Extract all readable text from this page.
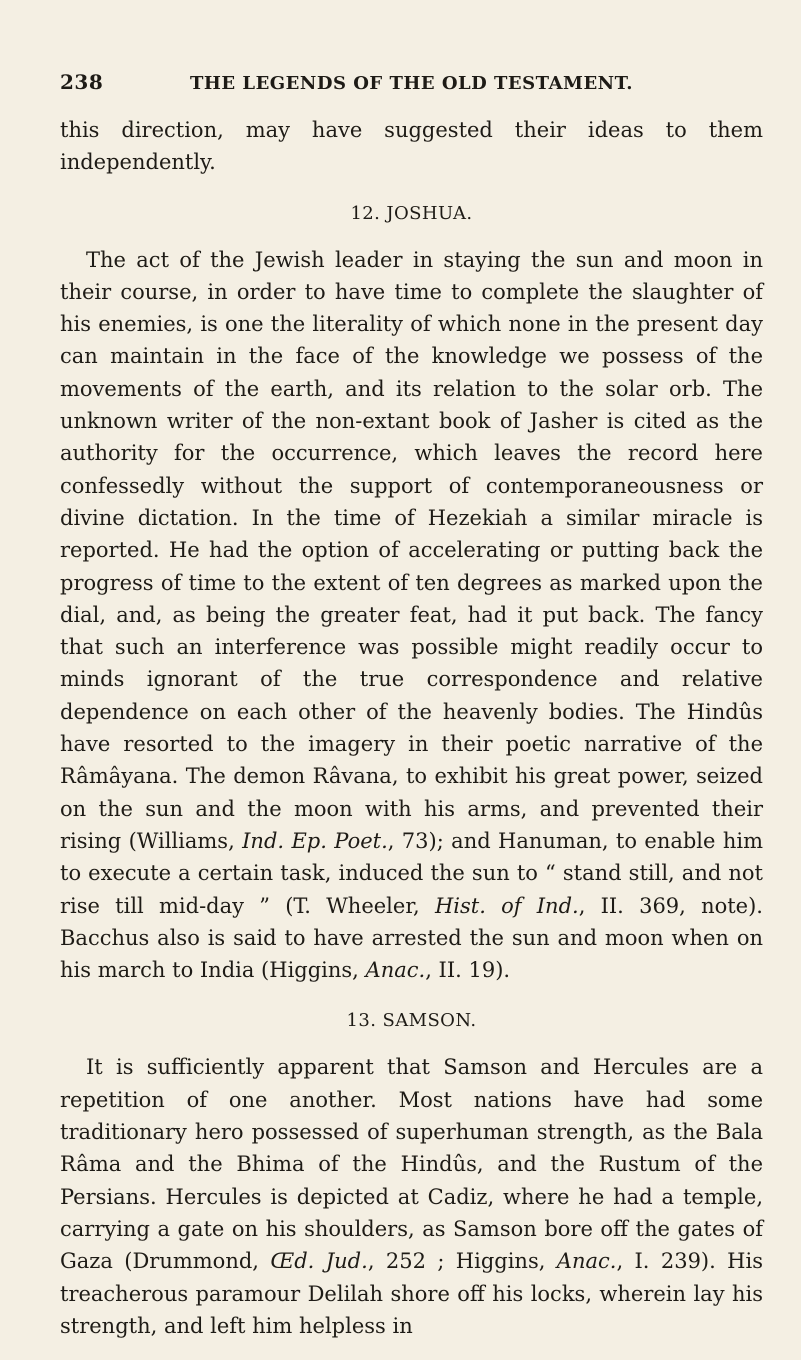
238	THE LEGENDS OF THE OLD TESTAMENT.

this direction, may have suggested their ideas to them independently.

12. JOSHUA.

The act of the Jewish leader in staying the sun and moon in their course, in order to have time to complete the slaughter of his enemies, is one the literality of which none in the present day can maintain in the face of the knowledge we possess of the movements of the earth, and its relation to the solar orb. The unknown writer of the non-extant book of Jasher is cited as the authority for the occurrence, which leaves the record here confessedly without the support of contemporaneousness or divine dictation. In the time of Hezekiah a similar miracle is reported. He had the option of accelerating or putting back the progress of time to the extent of ten degrees as marked upon the dial, and, as being the greater feat, had it put back. The fancy that such an interference was possible might readily occur to minds ignorant of the true correspondence and relative dependence on each other of the heavenly bodies. The Hindûs have resorted to the imagery in their poetic narrative of the Râmâyana. The demon Râvana, to exhibit his great power, seized on the sun and the moon with his arms, and prevented their rising (Williams, Ind. Ep. Poet., 73); and Hanuman, to enable him to execute a certain task, induced the sun to “ stand still, and not rise till mid-day ” (T. Wheeler, Hist. of Ind., II. 369, note). Bacchus also is said to have arrested the sun and moon when on his march to India (Higgins, Anac., II. 19).

13. SAMSON.

It is sufficiently apparent that Samson and Hercules are a repetition of one another. Most nations have had some traditionary hero possessed of superhuman strength, as the Bala Râma and the Bhima of the Hindûs, and the Rustum of the Persians. Hercules is depicted at Cadiz, where he had a temple, carrying a gate on his shoulders, as Samson bore off the gates of Gaza (Drummond, Œd. Jud., 252 ; Higgins, Anac., I. 239). His treacherous paramour Delilah shore off his locks, wherein lay his strength, and left him helpless in
